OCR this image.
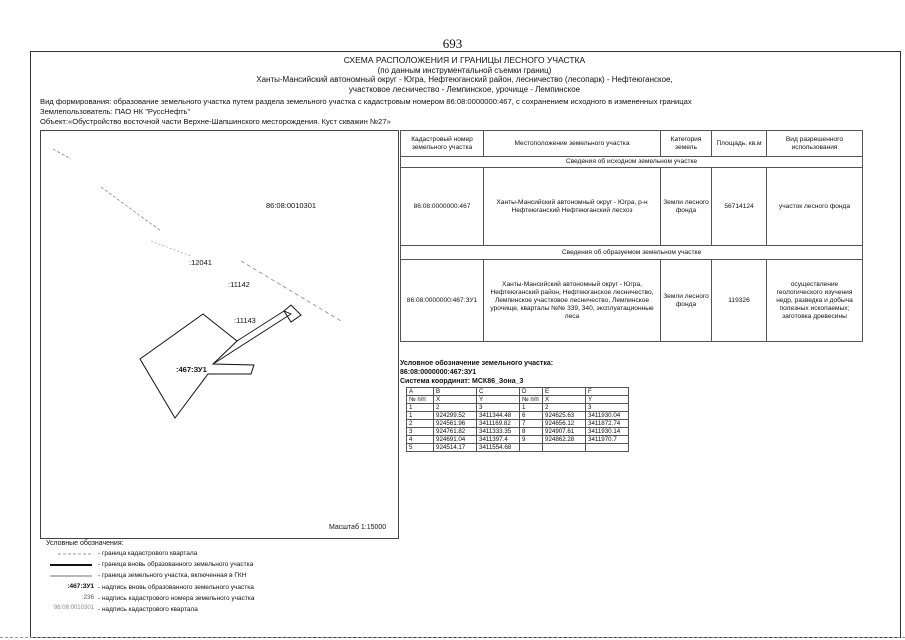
693
СХЕМА РАСПОЛОЖЕНИЯ И ГРАНИЦЫ ЛЕСНОГО УЧАСТКА
(по данным инструментальной съемки границ)
Ханты-Мансийский автономный округ - Югра, Нефтеюганский район, лесничество (лесопарк) - Нефтеюганское,
участковое лесничество - Лемпинское, урочище - Лемпинское
Вид формирования: образование земельного участка путем раздела земельного участка с кадастровым номером 86:08:0000000:467, с сохранением исходного в измененных границах
Землепользователь: ПАО НК "РуссНефть"
Объект:«Обустройство восточной части Верхне-Шапшинского месторождения. Куст скважин №27»
86:08:0010301
:12041
:11142
:11143
:467:ЗУ1
Масштаб 1:15000
Кадастровый номер земельного участка	Местоположение земельного участка	Категория земель	Площадь, кв.м	Вид разрешенного использования
Сведения об исходном земельном участке				
86:08:0000000:467	Ханты-Мансийский автономный округ - Югра, р-н Нефтеюганский Нефтеюганский лесхоз	Земли лесного фонда	56714124	участок лесного фонда
Сведения об образуемом земельном участке				
86:08:0000000:467:ЗУ1	Ханты-Мансийский автономный округ - Югра, Нефтеюганский район, Нефтеюганское лесничество, Лемпинское участковое лесничество, Лемпинское урочище, кварталы №№ 339, 340, эксплуатационные леса	Земли лесного фонда	119326	осуществление геологического изучения недр, разведка и добыча полезных ископаемых; заготовка древесины
Условное обозначение земельного участка:
86:08:0000000:467:ЗУ1
Система координат: МСК86_Зона_3
A	B	C	D	E	F
№ п/п	X	Y	№ п/п	X	Y
1	2	3	1	2	3
1	924299.52	3411344.48	6	924625.63	3411930.04
2	924561.96	3411169.82	7	924656.12	3411872.74
3	924761.82	3411333.35	8	924907.61	3411930.14
4	924691.04	3411397.4	9	924862.28	3411970.7
5	924514.17	3411554.68			
Условные обозначения:
- граница кадастрового квартала
- граница вновь образованного земельного участка
- граница земельного участка, включенная в ГКН
:467:ЗУ1 - надпись вновь образованного земельного участка
:236 - надпись кадастрового номера земельного участка
86:08:0010301 - надпись кадастрового квартала
